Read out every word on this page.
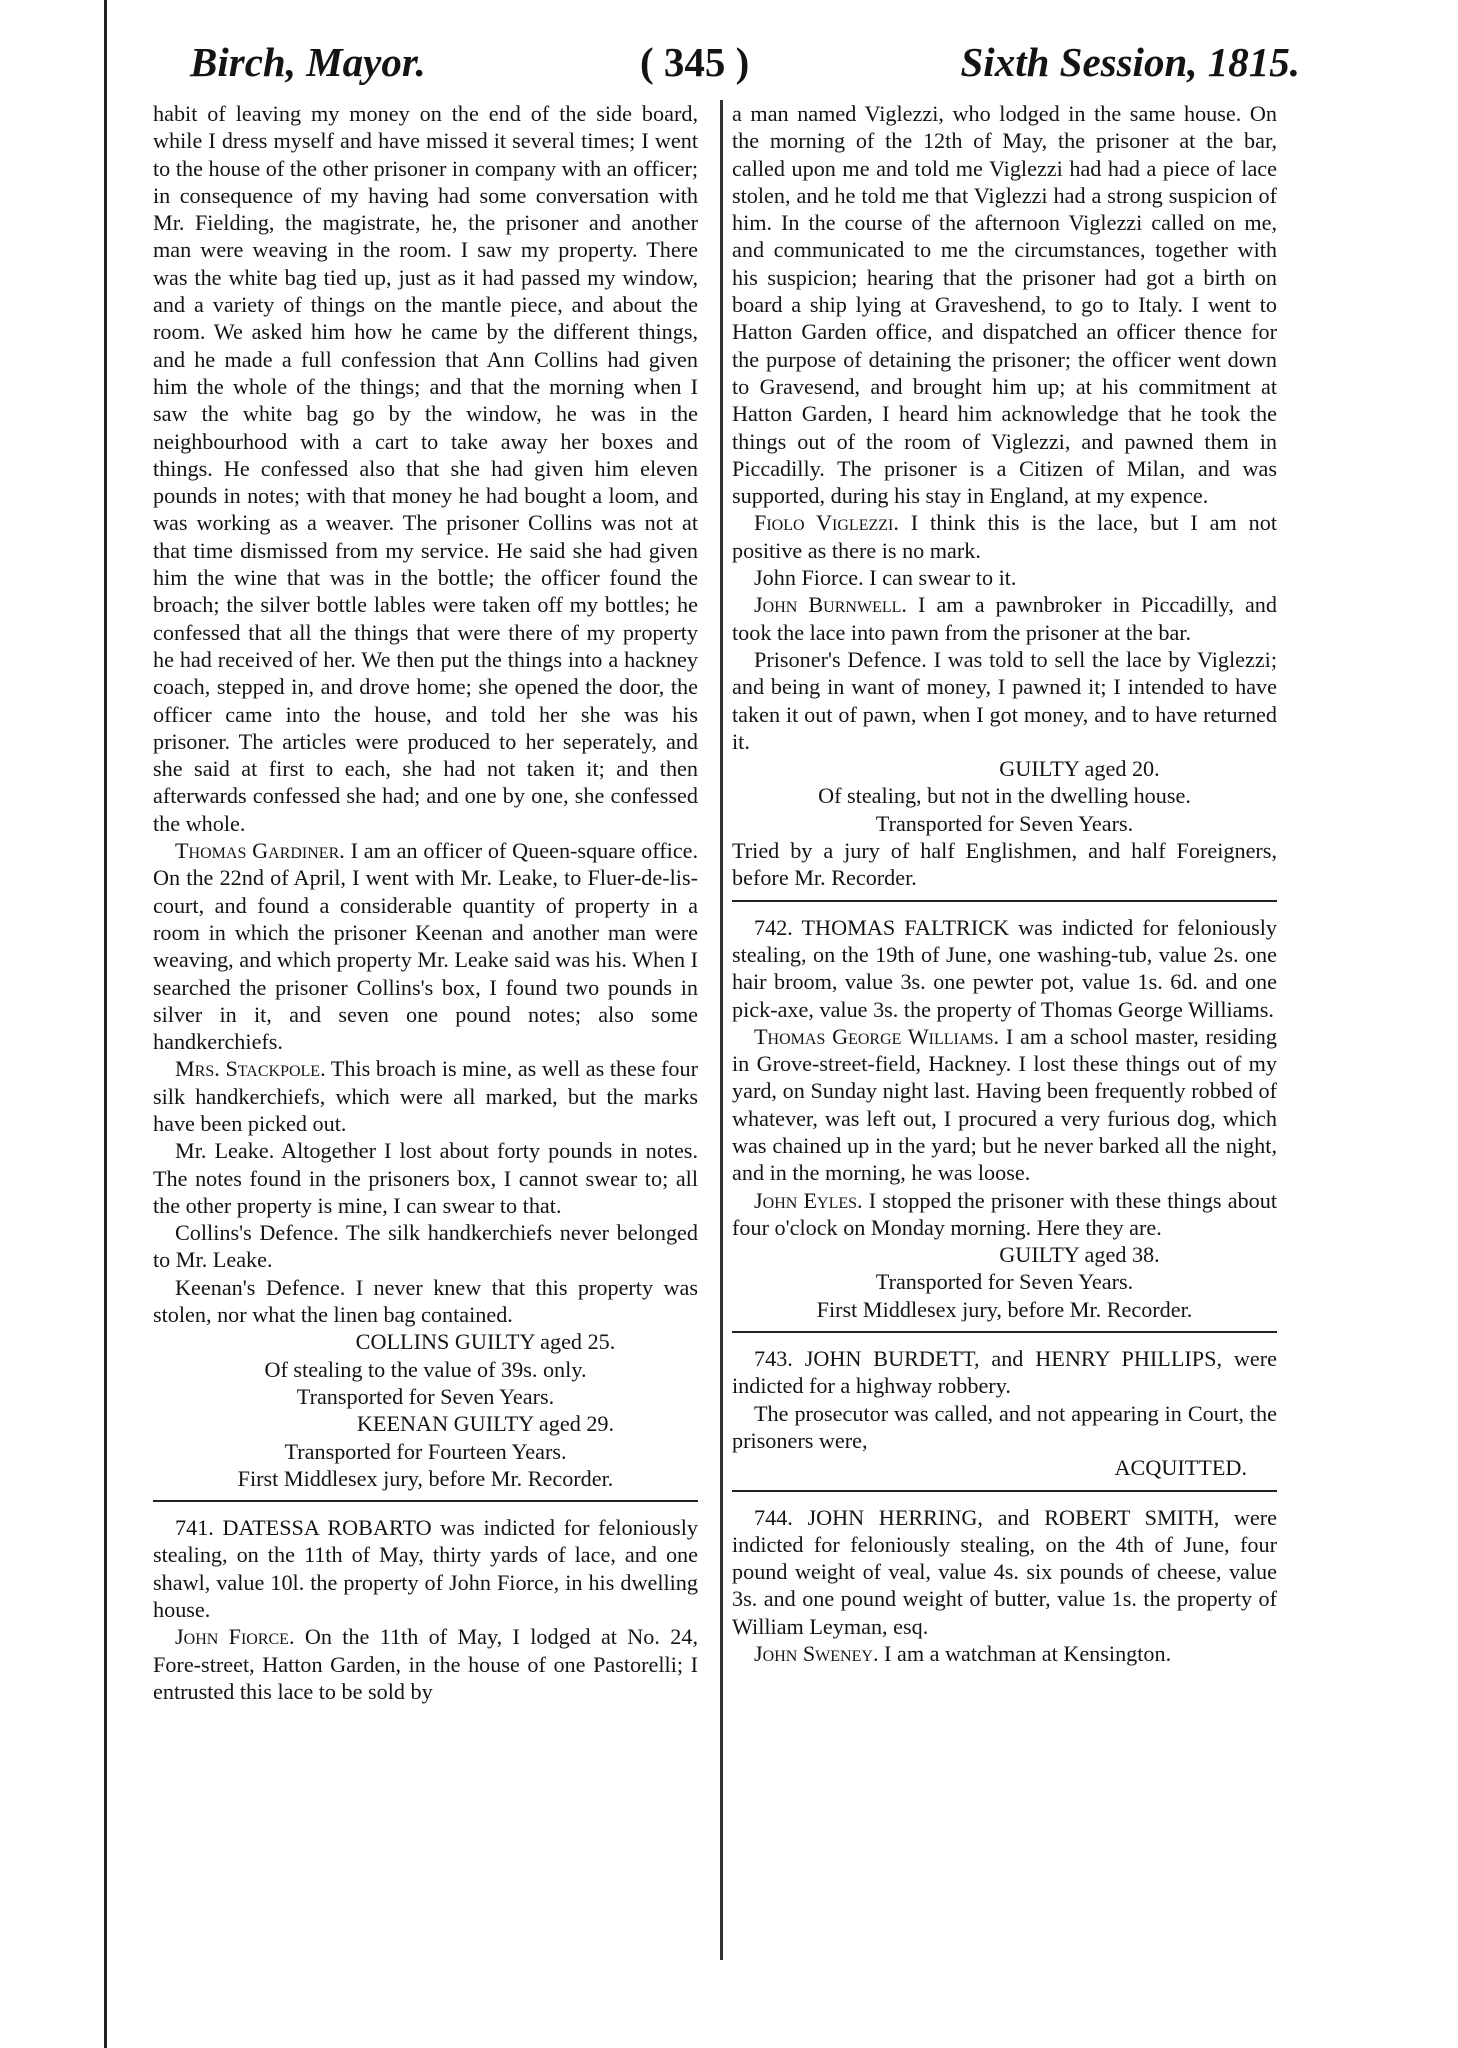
Birch, Mayor.	( 345 )	Sixth Session, 1815.

habit of leaving my money on the end of the side board, while I dress myself and have missed it several times; I went to the house of the other prisoner in company with an officer; in consequence of my having had some conversation with Mr. Fielding, the magistrate, he, the prisoner and another man were weaving in the room. I saw my property. There was the white bag tied up, just as it had passed my window, and a variety of things on the mantle piece, and about the room. We asked him how he came by the different things, and he made a full confession that Ann Collins had given him the whole of the things; and that the morning when I saw the white bag go by the window, he was in the neighbourhood with a cart to take away her boxes and things. He confessed also that she had given him eleven pounds in notes; with that money he had bought a loom, and was working as a weaver. The prisoner Collins was not at that time dismissed from my service. He said she had given him the wine that was in the bottle; the officer found the broach; the silver bottle lables were taken off my bottles; he confessed that all the things that were there of my property he had received of her. We then put the things into a hackney coach, stepped in, and drove home; she opened the door, the officer came into the house, and told her she was his prisoner. The articles were produced to her seperately, and she said at first to each, she had not taken it; and then afterwards confessed she had; and one by one, she confessed the whole.

Thomas Gardiner. I am an officer of Queen-square office. On the 22nd of April, I went with Mr. Leake, to Fluer-de-lis-court, and found a considerable quantity of property in a room in which the prisoner Keenan and another man were weaving, and which property Mr. Leake said was his. When I searched the prisoner Collins's box, I found two pounds in silver in it, and seven one pound notes; also some handkerchiefs.

Mrs. Stackpole. This broach is mine, as well as these four silk handkerchiefs, which were all marked, but the marks have been picked out.

Mr. Leake. Altogether I lost about forty pounds in notes. The notes found in the prisoners box, I cannot swear to; all the other property is mine, I can swear to that.

Collins's Defence. The silk handkerchiefs never belonged to Mr. Leake.

Keenan's Defence. I never knew that this property was stolen, nor what the linen bag contained.

COLLINS GUILTY aged 25.

Of stealing to the value of 39s. only.

Transported for Seven Years.

KEENAN GUILTY aged 29.

Transported for Fourteen Years.

First Middlesex jury, before Mr. Recorder.

741. DATESSA ROBARTO was indicted for feloniously stealing, on the 11th of May, thirty yards of lace, and one shawl, value 10l. the property of John Fiorce, in his dwelling house.

John Fiorce. On the 11th of May, I lodged at No. 24, Fore-street, Hatton Garden, in the house of one Pastorelli; I entrusted this lace to be sold by

a man named Viglezzi, who lodged in the same house. On the morning of the 12th of May, the prisoner at the bar, called upon me and told me Viglezzi had had a piece of lace stolen, and he told me that Viglezzi had a strong suspicion of him. In the course of the afternoon Viglezzi called on me, and communicated to me the circumstances, together with his suspicion; hearing that the prisoner had got a birth on board a ship lying at Graveshend, to go to Italy. I went to Hatton Garden office, and dispatched an officer thence for the purpose of detaining the prisoner; the officer went down to Gravesend, and brought him up; at his commitment at Hatton Garden, I heard him acknowledge that he took the things out of the room of Viglezzi, and pawned them in Piccadilly. The prisoner is a Citizen of Milan, and was supported, during his stay in England, at my expence.

Fiolo Viglezzi. I think this is the lace, but I am not positive as there is no mark.

John Fiorce. I can swear to it.

John Burnwell. I am a pawnbroker in Piccadilly, and took the lace into pawn from the prisoner at the bar.

Prisoner's Defence. I was told to sell the lace by Viglezzi; and being in want of money, I pawned it; I intended to have taken it out of pawn, when I got money, and to have returned it.

GUILTY aged 20.

Of stealing, but not in the dwelling house.

Transported for Seven Years.

Tried by a jury of half Englishmen, and half Foreigners, before Mr. Recorder.

742. THOMAS FALTRICK was indicted for feloniously stealing, on the 19th of June, one washing-tub, value 2s. one hair broom, value 3s. one pewter pot, value 1s. 6d. and one pick-axe, value 3s. the property of Thomas George Williams.

Thomas George Williams. I am a school master, residing in Grove-street-field, Hackney. I lost these things out of my yard, on Sunday night last. Having been frequently robbed of whatever, was left out, I procured a very furious dog, which was chained up in the yard; but he never barked all the night, and in the morning, he was loose.

John Eyles. I stopped the prisoner with these things about four o'clock on Monday morning. Here they are.

GUILTY aged 38.

Transported for Seven Years.

First Middlesex jury, before Mr. Recorder.

743. JOHN BURDETT, and HENRY PHILLIPS, were indicted for a highway robbery.

The prosecutor was called, and not appearing in Court, the prisoners were,

ACQUITTED.

744. JOHN HERRING, and ROBERT SMITH, were indicted for feloniously stealing, on the 4th of June, four pound weight of veal, value 4s. six pounds of cheese, value 3s. and one pound weight of butter, value 1s. the property of William Leyman, esq.

John Sweney. I am a watchman at Kensington.
